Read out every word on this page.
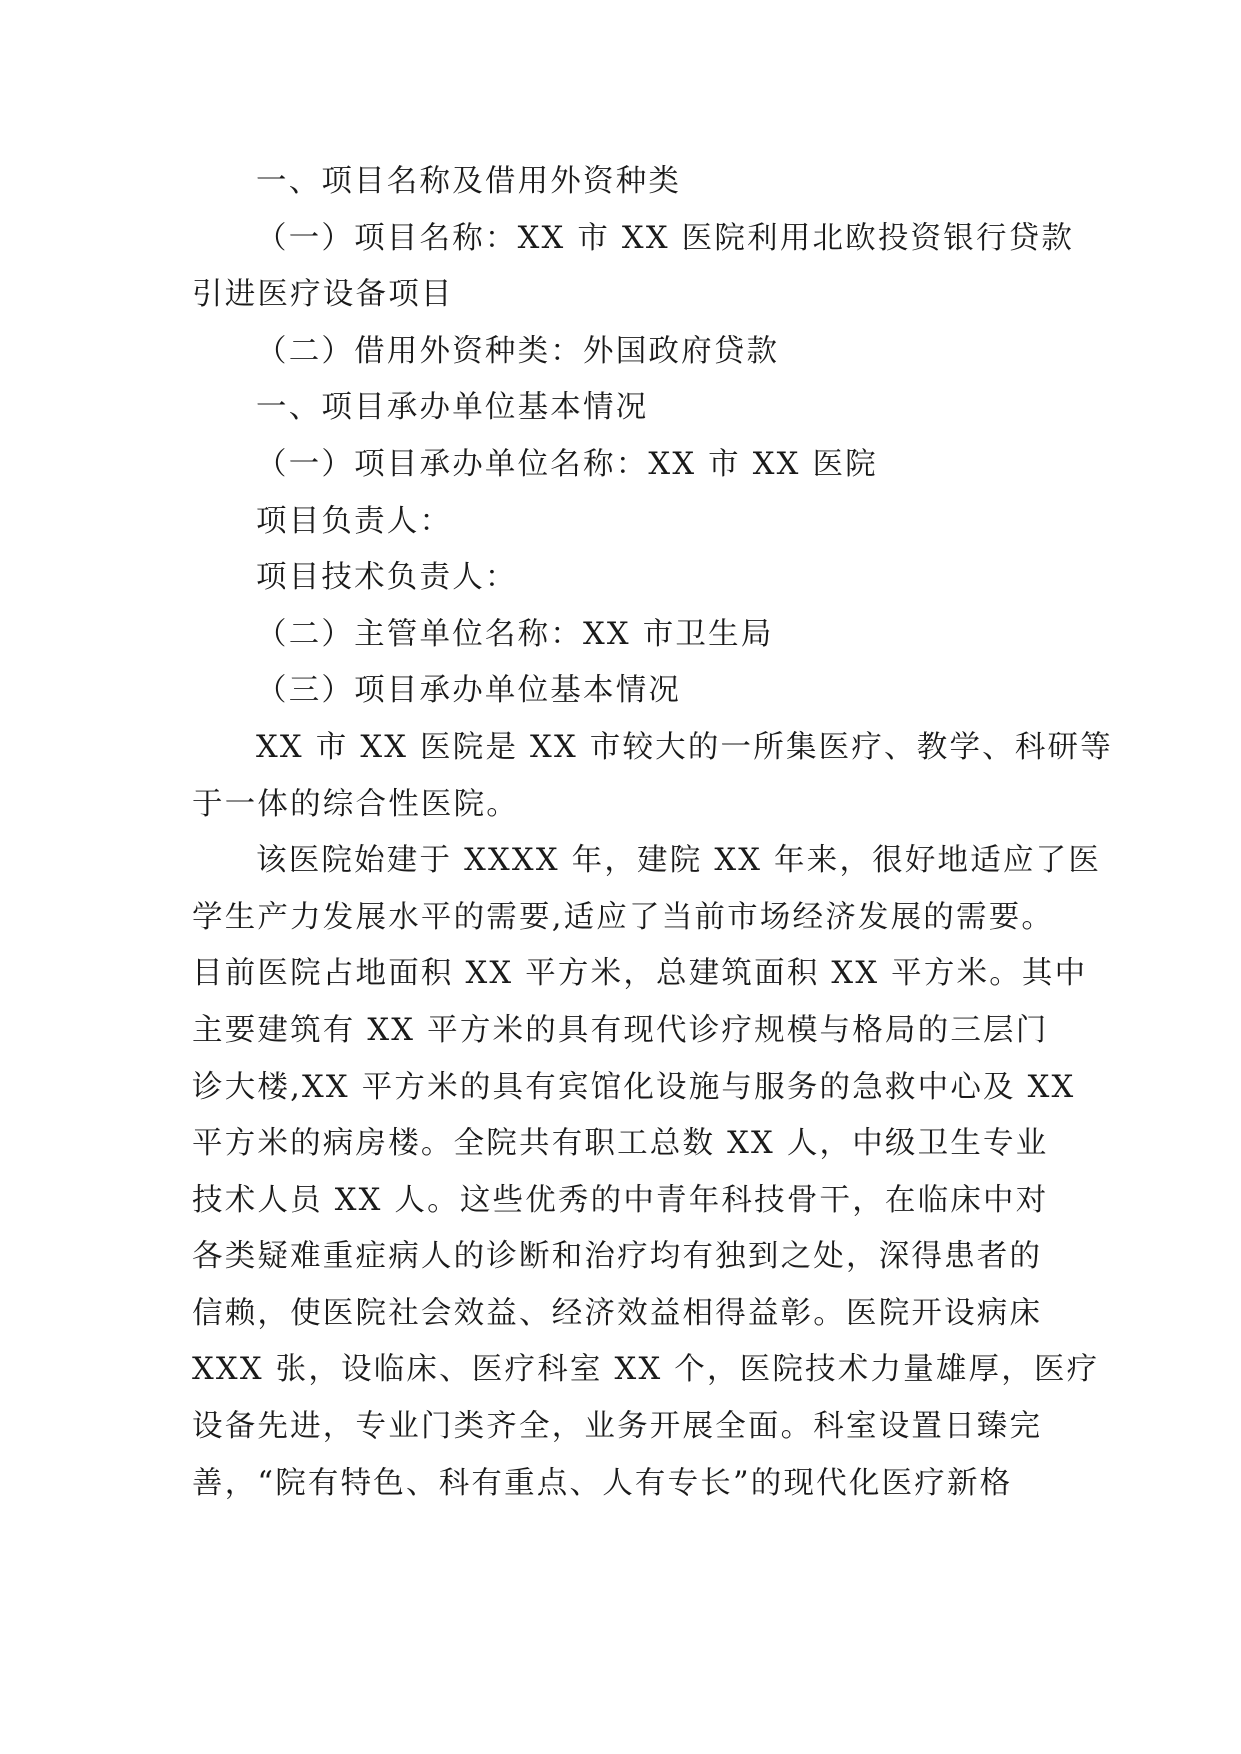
一、项目名称及借用外资种类
（一）项目名称：XX 市 XX 医院利用北欧投资银行贷款
引进医疗设备项目
（二）借用外资种类：外国政府贷款
一、项目承办单位基本情况
（一）项目承办单位名称：XX 市 XX 医院
项目负责人：
项目技术负责人：
（二）主管单位名称：XX 市卫生局
（三）项目承办单位基本情况
XX 市 XX 医院是 XX 市较大的一所集医疗、教学、科研等
于一体的综合性医院。
该医院始建于 XXXX 年，建院 XX 年来，很好地适应了医
学生产力发展水平的需要,适应了当前市场经济发展的需要。
目前医院占地面积 XX 平方米，总建筑面积 XX 平方米。其中
主要建筑有 XX 平方米的具有现代诊疗规模与格局的三层门
诊大楼,XX 平方米的具有宾馆化设施与服务的急救中心及 XX
平方米的病房楼。全院共有职工总数 XX 人，中级卫生专业
技术人员 XX 人。这些优秀的中青年科技骨干，在临床中对
各类疑难重症病人的诊断和治疗均有独到之处，深得患者的
信赖，使医院社会效益、经济效益相得益彰。医院开设病床
XXX 张，设临床、医疗科室 XX 个，医院技术力量雄厚，医疗
设备先进，专业门类齐全，业务开展全面。科室设置日臻完
善，“院有特色、科有重点、人有专长”的现代化医疗新格
